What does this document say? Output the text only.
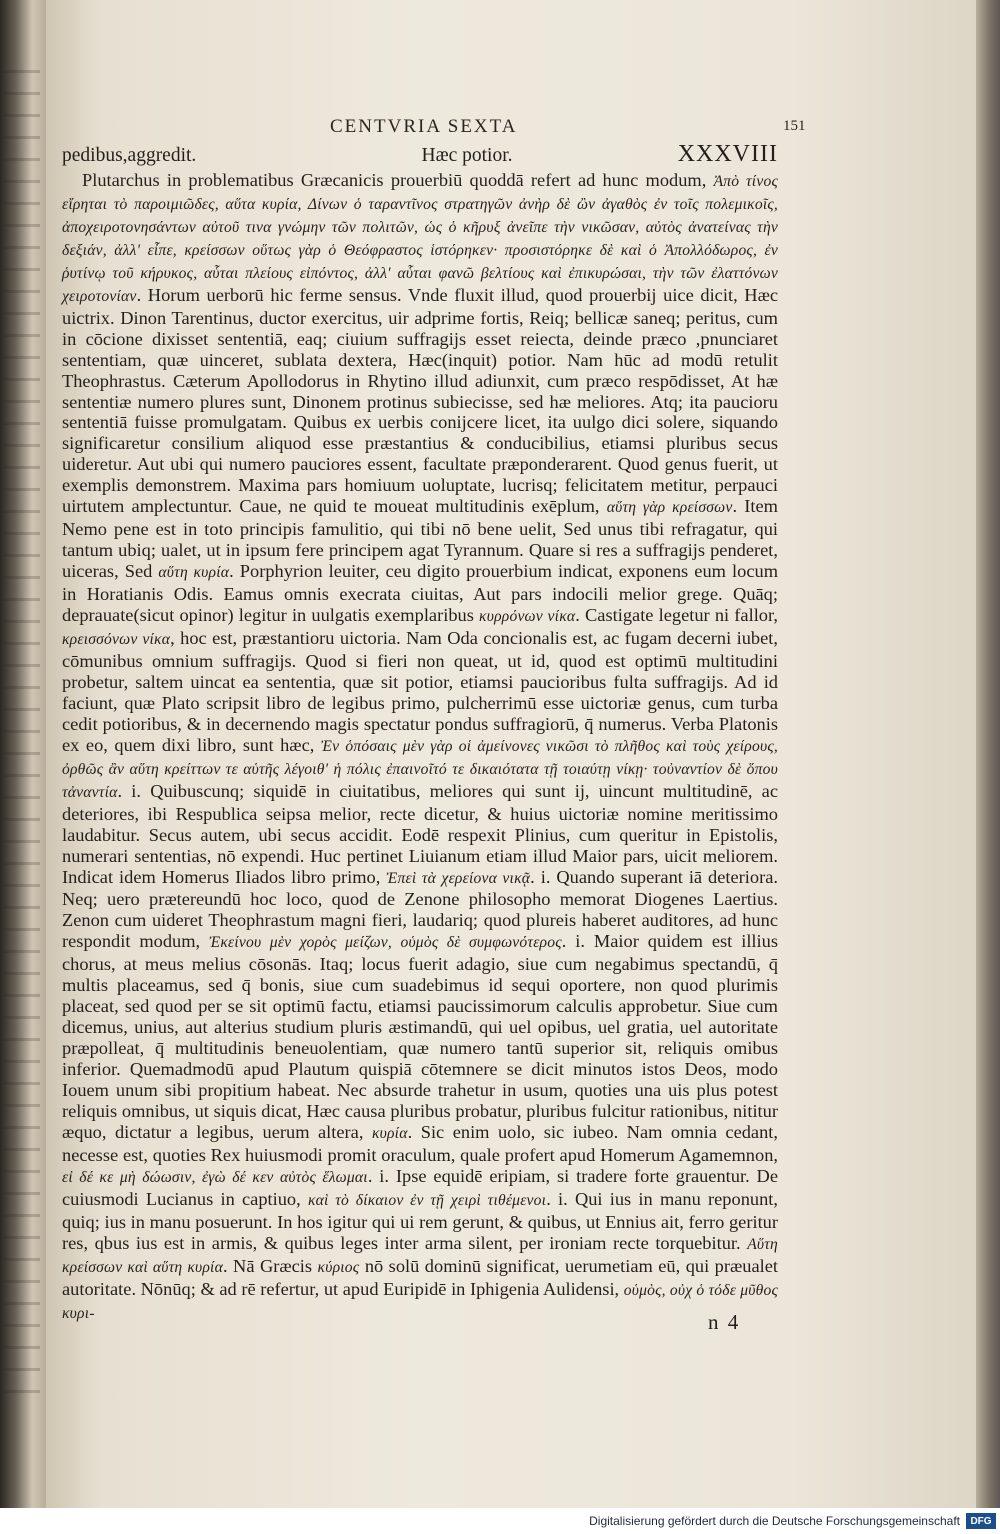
CENTVRIA SEXTA	151
pedibus,aggredit.	Hæc potior.	XXXVIII

Plutarchus in problematibus Græcanicis prouerbiū quoddā refert ad hunc modum, Ἀπὸ τίνος εἴρηται τὸ παροιμιῶδες, αὕτα κυρία, Δίνων ὁ ταραντῖνος στρατηγῶν ἀνὴρ δὲ ὢν ἀγαθὸς ἐν τοῖς πολεμικοῖς, ἀποχειροτονησάντων αὐτοῦ τινα γνώμην τῶν πολιτῶν, ὡς ὁ κῆρυξ ἀνεῖπε τὴν νικῶσαν, αὐτὸς ἀνατείνας τὴν δεξιάν, ἀλλ' εἶπε, κρείσσων οὕτως γὰρ ὁ Θεόφραστος ἱστόρηκεν· προσιστόρηκε δὲ καὶ ὁ Ἀπολλόδωρος, ἐν ῥυτίνῳ τοῦ κήρυκος, αὗται πλείους εἰπόντος, ἀλλ' αὗται φανῶ βελτίους καὶ ἐπικυρώσαι, τὴν τῶν ἐλαττόνων χειροτονίαν. Horum uerborū hic ferme sensus. Vnde fluxit illud, quod prouerbij uice dicit, Hæc uictrix. Dinon Tarentinus, ductor exercitus, uir adprime fortis, Reiq; bellicæ saneq; peritus, cum in cōcione dixisset sententiā, eaq; ciuium suffragijs esset reiecta, deinde præco ,pnunciaret sententiam, quæ uinceret, sublata dextera, Hæc(inquit) potior. Nam hūc ad modū retulit Theophrastus. Cæterum Apollodorus in Rhytino illud adiunxit, cum præco respōdisset, At hæ sententiæ numero plures sunt, Dinonem protinus subiecisse, sed hæ meliores. Atq; ita paucioru sententiā fuisse promulgatam. Quibus ex uerbis conijcere licet, ita uulgo dici solere, siquando significaretur consilium aliquod esse præstantius & conducibilius, etiamsi pluribus secus uideretur. Aut ubi qui numero pauciores essent, facultate præponderarent. Quod genus fuerit, ut exemplis demonstrem. Maxima pars homiuum uoluptate, lucrisq; felicitatem metitur, perpauci uirtutem amplectuntur. Caue, ne quid te moueat multitudinis exēplum, αὕτη γὰρ κρείσσων. Item Nemo pene est in toto principis famulitio, qui tibi nō bene uelit, Sed unus tibi refragatur, qui tantum ubiq; ualet, ut in ipsum fere principem agat Tyrannum. Quare si res a suffragijs penderet, uiceras, Sed αὕτη κυρία. Porphyrion leuiter, ceu digito prouerbium indicat, exponens eum locum in Horatianis Odis. Eamus omnis execrata ciuitas, Aut pars indocili melior grege. Quāq; deprauate(sicut opinor) legitur in uulgatis exemplaribus κυρρόνων νίκα. Castigate legetur ni fallor, κρεισσόνων νίκα, hoc est, præstantioru uictoria. Nam Oda concionalis est, ac fugam decerni iubet, cōmunibus omnium suffragijs. Quod si fieri non queat, ut id, quod est optimū multitudini probetur, saltem uincat ea sententia, quæ sit potior, etiamsi paucioribus fulta suffragijs. Ad id faciunt, quæ Plato scripsit libro de legibus primo, pulcherrimū esse uictoriæ genus, cum turba cedit potioribus, & in decernendo magis spectatur pondus suffragiorū, q̄ numerus. Verba Platonis ex eo, quem dixi libro, sunt hæc, Ἐν ὁπόσαις μὲν γὰρ οἱ ἀμείνονες νικῶσι τὸ πλῆθος καὶ τοὺς χείρους, ὀρθῶς ἂν αὕτη κρείττων τε αὑτῆς λέγοιθ' ἡ πόλις ἐπαινοῖτό τε δικαιότατα τῇ τοιαύτῃ νίκῃ· τοὐναντίον δὲ ὅπου τἀναντία. i. Quibuscunq; siquidē in ciuitatibus, meliores qui sunt ij, uincunt multitudinē, ac deteriores, ibi Respublica seipsa melior, recte dicetur, & huius uictoriæ nomine meritissimo laudabitur. Secus autem, ubi secus accidit. Eodē respexit Plinius, cum queritur in Epistolis, numerari sententias, nō expendi. Huc pertinet Liuianum etiam illud Maior pars, uicit meliorem. Indicat idem Homerus Iliados libro primo, Ἐπεὶ τὰ χερείονα νικᾷ. i. Quando superant iā deteriora. Neq; uero prætereundū hoc loco, quod de Zenone philosopho memorat Diogenes Laertius. Zenon cum uideret Theophrastum magni fieri, laudariq; quod plureis haberet auditores, ad hunc respondit modum, Ἐκείνου μὲν χορὸς μείζων, οὑμὸς δὲ συμφωνότερος. i. Maior quidem est illius chorus, at meus melius cōsonās. Itaq; locus fuerit adagio, siue cum negabimus spectandū, q̄ multis placeamus, sed q̄ bonis, siue cum suadebimus id sequi oportere, non quod plurimis placeat, sed quod per se sit optimū factu, etiamsi paucissimorum calculis approbetur. Siue cum dicemus, unius, aut alterius studium pluris æstimandū, qui uel opibus, uel gratia, uel autoritate præpolleat, q̄ multitudinis beneuolentiam, quæ numero tantū superior sit, reliquis omibus inferior. Quemadmodū apud Plautum quispiā cōtemnere se dicit minutos istos Deos, modo Iouem unum sibi propitium habeat. Nec absurde trahetur in usum, quoties una uis plus potest reliquis omnibus, ut siquis dicat, Hæc causa pluribus probatur, pluribus fulcitur rationibus, nititur æquo, dictatur a legibus, uerum altera, κυρία. Sic enim uolo, sic iubeo. Nam omnia cedant, necesse est, quoties Rex huiusmodi promit oraculum, quale profert apud Homerum Agamemnon, εἰ δέ κε μὴ δώωσιν, ἐγὼ δέ κεν αὐτὸς ἕλωμαι. i. Ipse equidē eripiam, si tradere forte grauentur. De cuiusmodi Lucianus in captiuo, καὶ τὸ δίκαιον ἐν τῇ χειρὶ τιθέμενοι. i. Qui ius in manu reponunt, quiq; ius in manu posuerunt. In hos igitur qui ui rem gerunt, & quibus, ut Ennius ait, ferro geritur res, qbus ius est in armis, & quibus leges inter arma silent, per ironiam recte torquebitur. Αὕτη κρείσσων καὶ αὕτη κυρία. Nā Græcis κύριος nō solū dominū significat, uerumetiam eū, qui præualet autoritate. Nōnūq; & ad rē refertur, ut apud Euripidē in Iphigenia Aulidensi, οὑμὸς, οὐχ ὁ τόδε μῦθος κυρι-	n 4
Digitalisierung gefördert durch die Deutsche Forschungsgemeinschaft	DFG
